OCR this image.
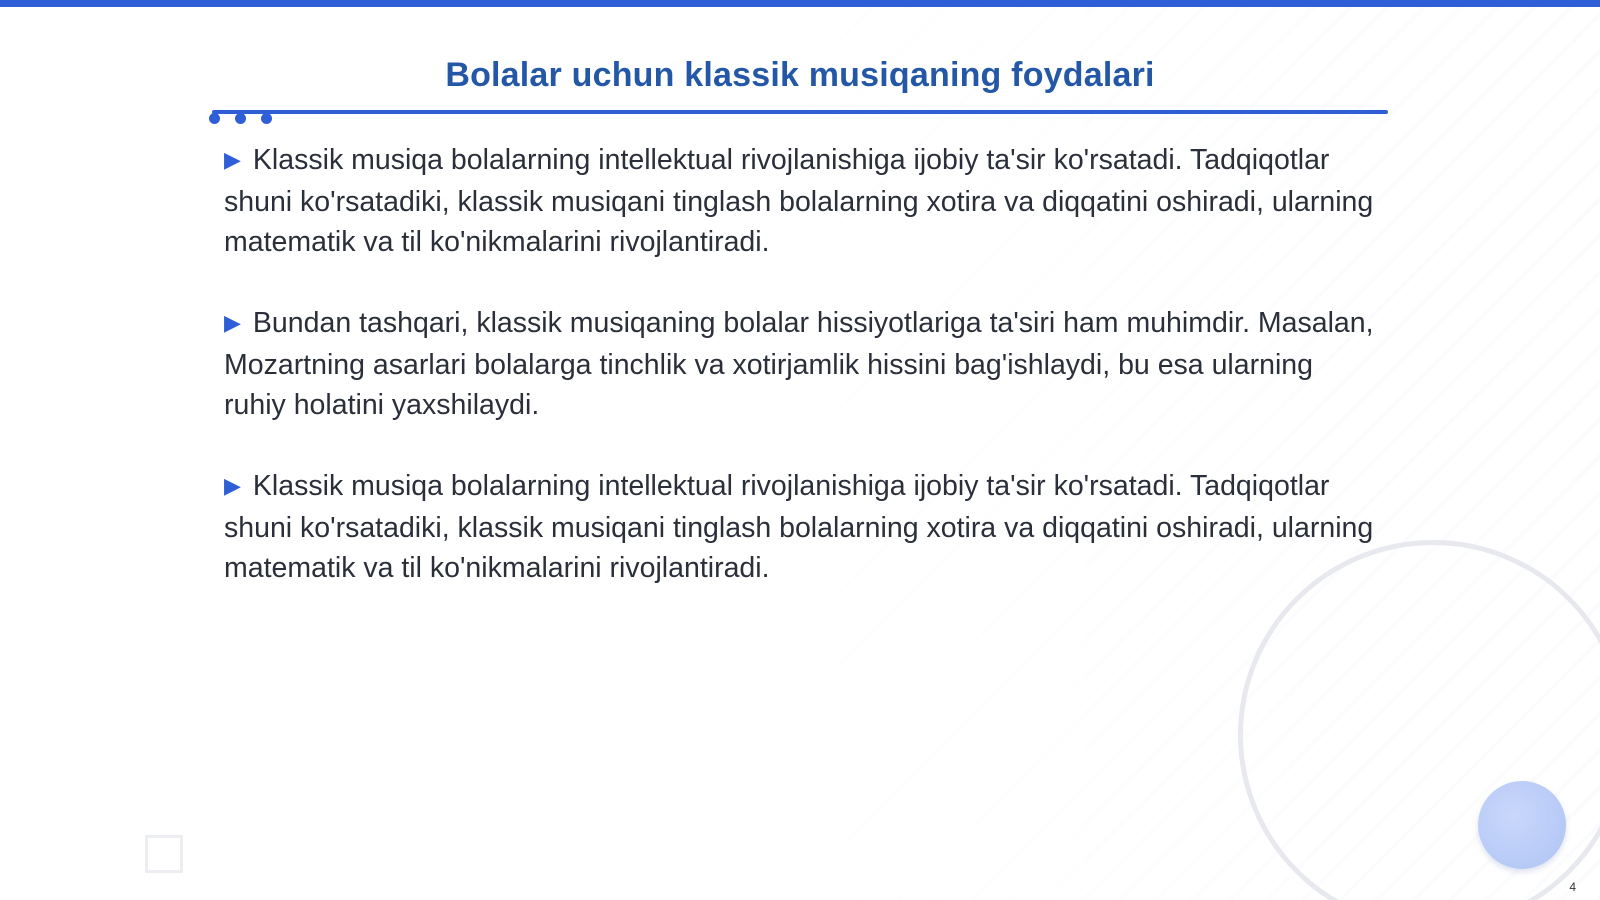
Bolalar uchun klassik musiqaning foydalari

▶ Klassik musiqa bolalarning intellektual rivojlanishiga ijobiy ta'sir ko'rsatadi. Tadqiqotlar shuni ko'rsatadiki, klassik musiqani tinglash bolalarning xotira va diqqatini oshiradi, ularning matematik va til ko'nikmalarini rivojlantiradi.

▶ Bundan tashqari, klassik musiqaning bolalar hissiyotlariga ta'siri ham muhimdir. Masalan, Mozartning asarlari bolalarga tinchlik va xotirjamlik hissini bag'ishlaydi, bu esa ularning ruhiy holatini yaxshilaydi.

▶ Klassik musiqa bolalarning intellektual rivojlanishiga ijobiy ta'sir ko'rsatadi. Tadqiqotlar shuni ko'rsatadiki, klassik musiqani tinglash bolalarning xotira va diqqatini oshiradi, ularning matematik va til ko'nikmalarini rivojlantiradi.

4
